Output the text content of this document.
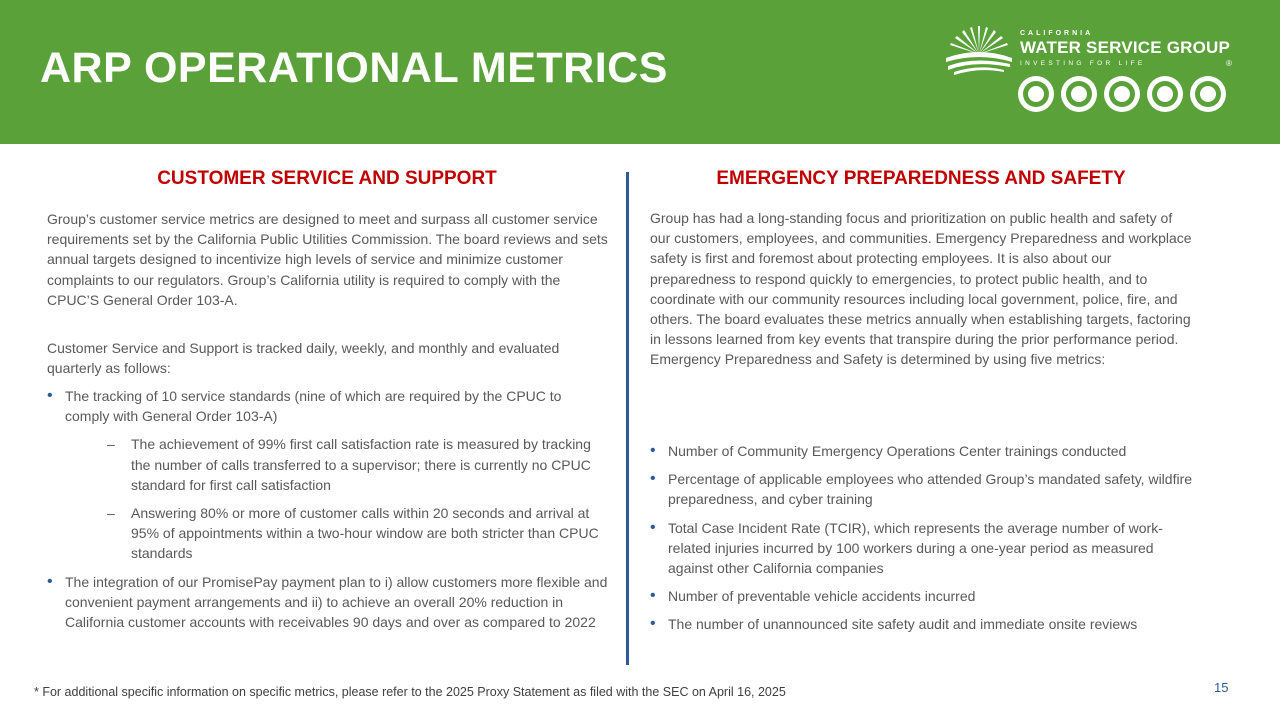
ARP OPERATIONAL METRICS
CALIFORNIA
WATER SERVICE GROUP
INVESTING FOR LIFE	®
CUSTOMER SERVICE AND SUPPORT	EMERGENCY PREPAREDNESS AND SAFETY
Group’s customer service metrics are designed to meet and surpass all customer service requirements set by the California Public Utilities Commission. The board reviews and sets annual targets designed to incentivize high levels of service and minimize customer complaints to our regulators. Group’s California utility is required to comply with the CPUC’S General Order 103-A.
Customer Service and Support is tracked daily, weekly, and monthly and evaluated quarterly as follows:
• The tracking of 10 service standards (nine of which are required by the CPUC to comply with General Order 103-A)
– The achievement of 99% first call satisfaction rate is measured by tracking the number of calls transferred to a supervisor; there is currently no CPUC standard for first call satisfaction
– Answering 80% or more of customer calls within 20 seconds and arrival at 95% of appointments within a two-hour window are both stricter than CPUC standards
• The integration of our PromisePay payment plan to i) allow customers more flexible and convenient payment arrangements and ii) to achieve an overall 20% reduction in California customer accounts with receivables 90 days and over as compared to 2022
Group has had a long-standing focus and prioritization on public health and safety of our customers, employees, and communities. Emergency Preparedness and workplace safety is first and foremost about protecting employees. It is also about our preparedness to respond quickly to emergencies, to protect public health, and to coordinate with our community resources including local government, police, fire, and others. The board evaluates these metrics annually when establishing targets, factoring in lessons learned from key events that transpire during the prior performance period. Emergency Preparedness and Safety is determined by using five metrics:
• Number of Community Emergency Operations Center trainings conducted
• Percentage of applicable employees who attended Group’s mandated safety, wildfire preparedness, and cyber training
• Total Case Incident Rate (TCIR), which represents the average number of work-related injuries incurred by 100 workers during a one-year period as measured against other California companies
• Number of preventable vehicle accidents incurred
• The number of unannounced site safety audit and immediate onsite reviews
* For additional specific information on specific metrics, please refer to the 2025 Proxy Statement as filed with the SEC on April 16, 2025	15
